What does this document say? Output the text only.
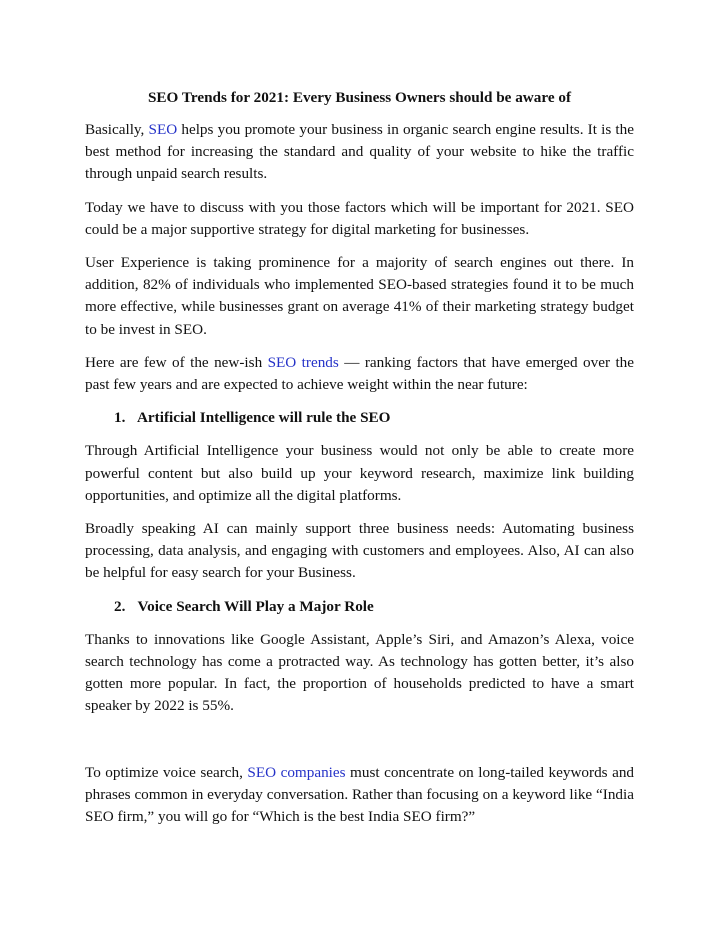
SEO Trends for 2021: Every Business Owners should be aware of

Basically, SEO helps you promote your business in organic search engine results. It is the best method for increasing the standard and quality of your website to hike the traffic through unpaid search results.

Today we have to discuss with you those factors which will be important for 2021. SEO could be a major supportive strategy for digital marketing for businesses.

User Experience is taking prominence for a majority of search engines out there. In addition, 82% of individuals who implemented SEO-based strategies found it to be much more effective, while businesses grant on average 41% of their marketing strategy budget to be invest in SEO.

Here are few of the new-ish SEO trends — ranking factors that have emerged over the past few years and are expected to achieve weight within the near future:

1. Artificial Intelligence will rule the SEO

Through Artificial Intelligence your business would not only be able to create more powerful content but also build up your keyword research, maximize link building opportunities, and optimize all the digital platforms.

Broadly speaking AI can mainly support three business needs: Automating business processing, data analysis, and engaging with customers and employees. Also, AI can also be helpful for easy search for your Business.

2. Voice Search Will Play a Major Role

Thanks to innovations like Google Assistant, Apple’s Siri, and Amazon’s Alexa, voice search technology has come a protracted way. As technology has gotten better, it’s also gotten more popular. In fact, the proportion of households predicted to have a smart speaker by 2022 is 55%.

To optimize voice search, SEO companies must concentrate on long-tailed keywords and phrases common in everyday conversation. Rather than focusing on a keyword like “India SEO firm,” you will go for “Which is the best India SEO firm?”
